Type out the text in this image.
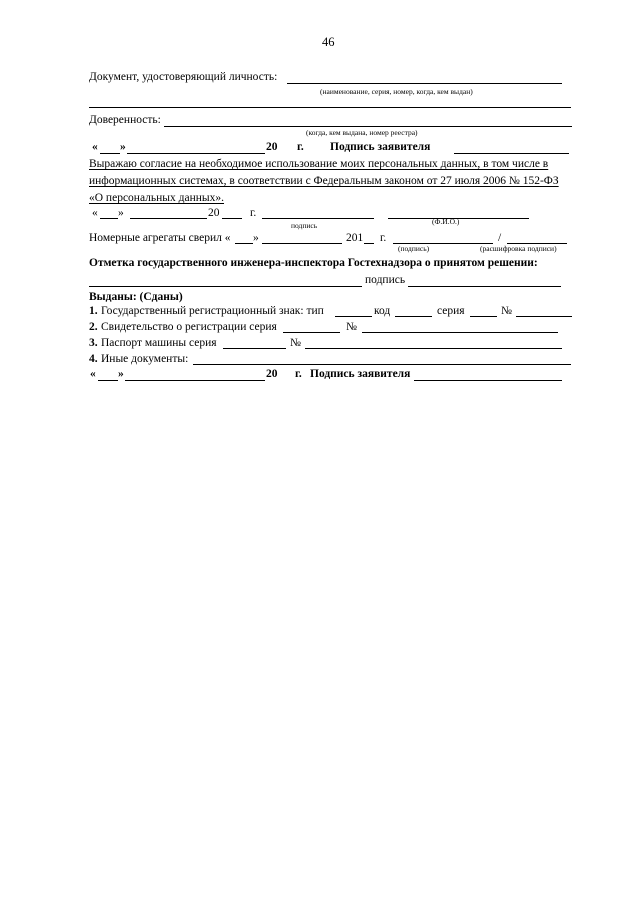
46
Документ, удостоверяющий личность:
(наименование, серия, номер, когда, кем выдан)
Доверенность:
(когда, кем выдана, номер реестра)
« »	20 г. Подпись заявителя
Выражаю согласие на необходимое использование моих персональных данных, в том числе в
информационных системах, в соответствии с Федеральным законом от 27 июля 2006 № 152-ФЗ
«О персональных данных».
« »	20	г.
подпись	(Ф.И.О.)
Номерные агрегаты сверил « »	201 г.	/
(подпись)	(расшифровка подписи)
Отметка государственного инженера-инспектора Гостехнадзора о принятом решении:
подпись
Выданы: (Сданы)
1. Государственный регистрационный знак: тип	код	серия	№
2. Свидетельство о регистрации серия	№
3. Паспорт машины серия	№
4. Иные документы:
« »	20 г. Подпись заявителя
